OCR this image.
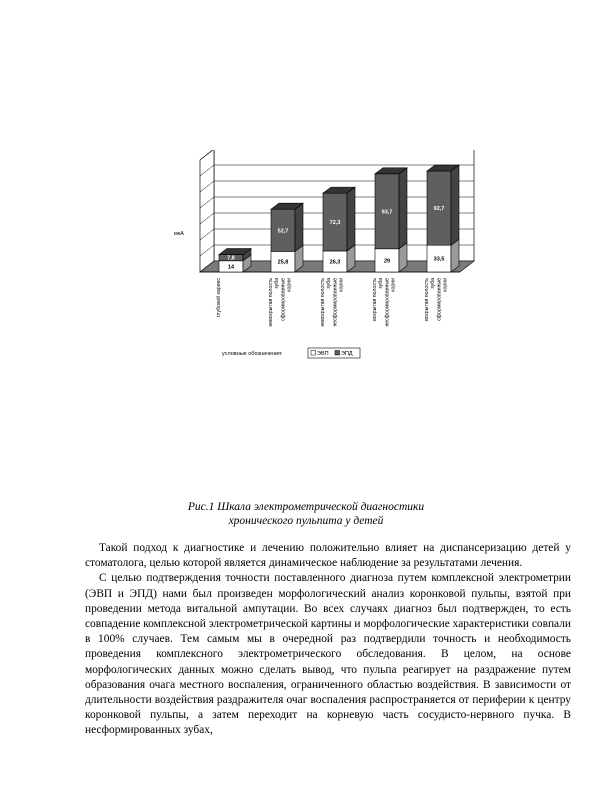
мкА
14
7,8
25,8
52,7
26,3
72,3
29
93,7
33,5
92,7
глубокий кариес	невскрытая полость зуба сформированные корни	невскрытая полость зуба несформированные корни	вскрытая полость зуба несформированные корни	вскрытая полость зуба сформированные корни
условные обозначения:	ЭВП ЭПД
Рис.1 Шкала электрометрической диагностики
хронического пульпита у детей

Такой подход к диагностике и лечению положительно влияет на диспансеризацию детей у стоматолога, целью которой является динамическое наблюдение за результатами лечения.

С целью подтверждения точности поставленного диагноза путем комплексной электрометрии (ЭВП и ЭПД) нами был произведен морфологический анализ коронковой пульпы, взятой при проведении метода витальной ампутации. Во всех случаях диагноз был подтвержден, то есть совпадение комплексной электрометрической картины и морфологические характеристики совпали в 100% случаев. Тем самым мы в очередной раз подтвердили точность и необходимость проведения комплексного электрометрического обследования. В целом, на основе морфологических данных можно сделать вывод, что пульпа реагирует на раздражение путем образования очага местного воспаления, ограниченного областью воздействия. В зависимости от длительности воздействия раздражителя очаг воспаления распространяется от периферии к центру коронковой пульпы, а затем переходит на корневую часть сосудисто-нервного пучка. В несформированных зубах,
